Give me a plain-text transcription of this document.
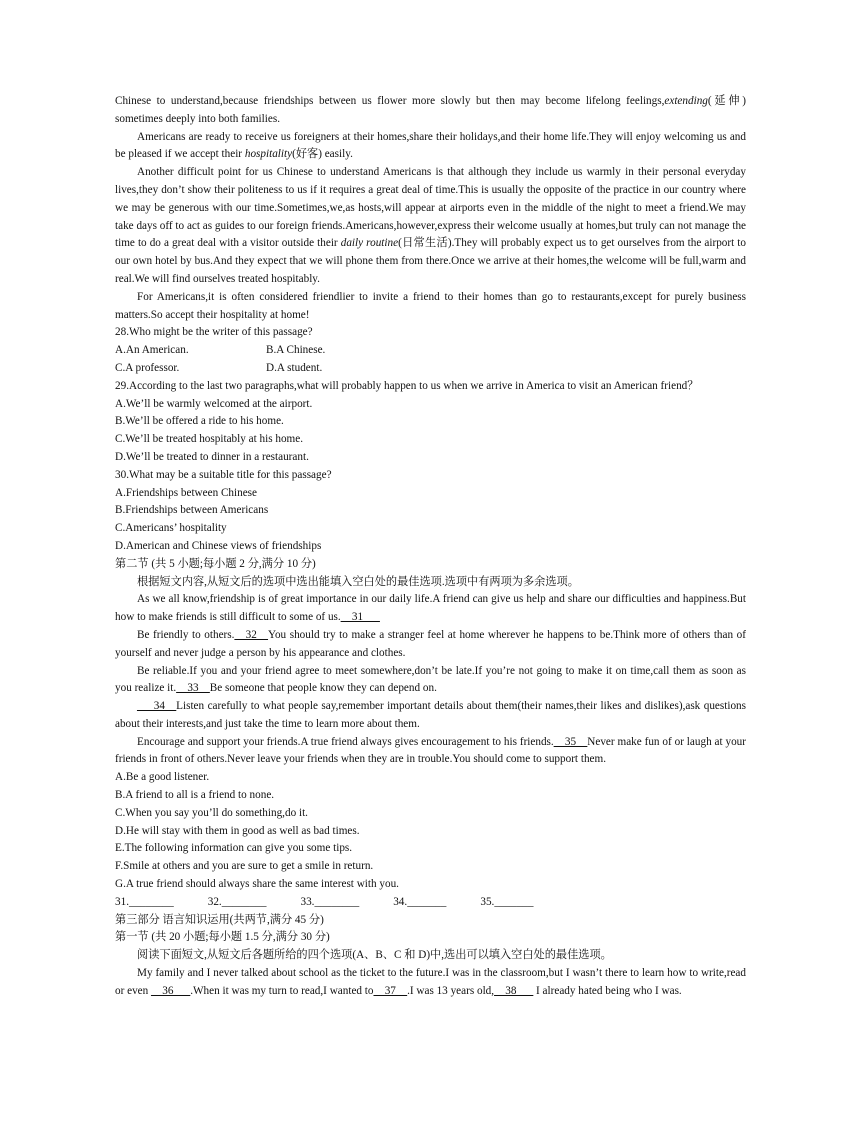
Chinese to understand,because friendships between us flower more slowly but then may become lifelong feelings,extending(延伸) sometimes deeply into both families.

Americans are ready to receive us foreigners at their homes,share their holidays,and their home life.They will enjoy welcoming us and be pleased if we accept their hospitality(好客) easily.

Another difficult point for us Chinese to understand Americans is that although they include us warmly in their personal everyday lives,they don’t show their politeness to us if it requires a great deal of time.This is usually the opposite of the practice in our country where we may be generous with our time.Sometimes,we,as hosts,will appear at airports even in the middle of the night to meet a friend.We may take days off to act as guides to our foreign friends.Americans,however,express their welcome usually at homes,but truly can not manage the time to do a great deal with a visitor outside their daily routine(日常生活).They will probably expect us to get ourselves from the airport to our own hotel by bus.And they expect that we will phone them from there.Once we arrive at their homes,the welcome will be full,warm and real.We will find ourselves treated hospitably.

For Americans,it is often considered friendlier to invite a friend to their homes than go to restaurants,except for purely business matters.So accept their hospitality at home!

28.Who might be the writer of this passage?

A.An American.	B.A Chinese.

C.A professor.	D.A student.

29.According to the last two paragraphs,what will probably happen to us when we arrive in America to visit an American friend？

A.We’ll be warmly welcomed at the airport.

B.We’ll be offered a ride to his home.

C.We’ll be treated hospitably at his home.

D.We’ll be treated to dinner in a restaurant.

30.What may be a suitable title for this passage?

A.Friendships between Chinese

B.Friendships between Americans

C.Americans’ hospitality

D.American and Chinese views of friendships

第二节 (共 5 小题;每小题 2 分,满分 10 分)

根据短文内容,从短文后的选项中选出能填入空白处的最佳选项.选项中有两项为多余选项。

As we all know,friendship is of great importance in our daily life.A friend can give us help and share our difficulties and happiness.But how to make friends is still difficult to some of us.__31___

Be friendly to others.__32__You should try to make a stranger feel at home wherever he happens to be.Think more of others than of yourself and never judge a person by his appearance and clothes.

Be reliable.If you and your friend agree to meet somewhere,don’t be late.If you’re not going to make it on time,call them as soon as you realize it.__33__Be someone that people know they can depend on.

___34__Listen carefully to what people say,remember important details about them(their names,their likes and dislikes),ask questions about their interests,and just take the time to learn more about them.

Encourage and support your friends.A true friend always gives encouragement to his friends.__35__Never make fun of or laugh at your friends in front of others.Never leave your friends when they are in trouble.You should come to support them.

A.Be a good listener.

B.A friend to all is a friend to none.

C.When you say you’ll do something,do it.

D.He will stay with them in good as well as bad times.

E.The following information can give you some tips.

F.Smile at others and you are sure to get a smile in return.

G.A true friend should always share the same interest with you.

31.________	32.________	33.________	34._______	35._______

第三部分 语言知识运用(共两节,满分 45 分)

第一节 (共 20 小题;每小题 1.5 分,满分 30 分)

阅读下面短文,从短文后各题所给的四个选项(A、B、C 和 D)中,选出可以填入空白处的最佳选项。

My family and I never talked about school as the ticket to the future.I was in the classroom,but I wasn’t there to learn how to write,read or even __36___.When it was my turn to read,I wanted to__37__.I was 13 years old,__38___ I already hated being who I was.
